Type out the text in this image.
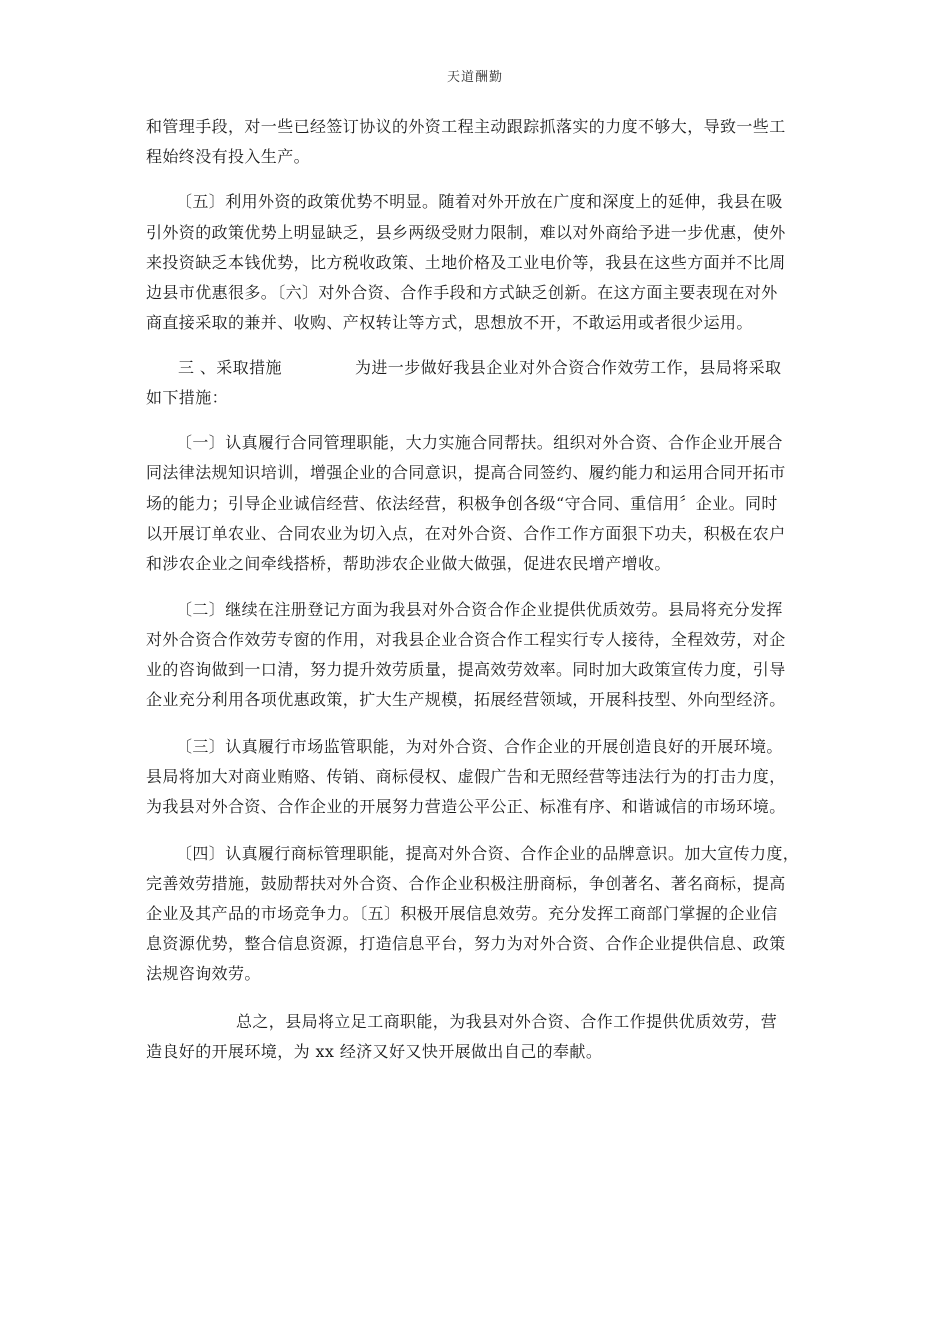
天道酬勤
和管理手段，对一些已经签订协议的外资工程主动跟踪抓落实的力度不够大，导致一些工
程始终没有投入生产。
〔五〕利用外资的政策优势不明显。随着对外开放在广度和深度上的延伸，我县在吸
引外资的政策优势上明显缺乏，县乡两级受财力限制，难以对外商给予进一步优惠，使外
来投资缺乏本钱优势，比方税收政策、土地价格及工业电价等，我县在这些方面并不比周
边县市优惠很多。〔六〕对外合资、合作手段和方式缺乏创新。在这方面主要表现在对外
商直接采取的兼并、收购、产权转让等方式，思想放不开，不敢运用或者很少运用。
三 、采取措施	为进一步做好我县企业对外合资合作效劳工作，县局将采取
如下措施：
〔一〕认真履行合同管理职能，大力实施合同帮扶。组织对外合资、合作企业开展合
同法律法规知识培训，增强企业的合同意识，提高合同签约、履约能力和运用合同开拓市
场的能力；引导企业诚信经营、依法经营，积极争创各级“守合同、重信用〞企业。同时
以开展订单农业、合同农业为切入点，在对外合资、合作工作方面狠下功夫，积极在农户
和涉农企业之间牵线搭桥，帮助涉农企业做大做强，促进农民增产增收。
〔二〕继续在注册登记方面为我县对外合资合作企业提供优质效劳。县局将充分发挥
对外合资合作效劳专窗的作用，对我县企业合资合作工程实行专人接待，全程效劳，对企
业的咨询做到一口清，努力提升效劳质量，提高效劳效率。同时加大政策宣传力度，引导
企业充分利用各项优惠政策，扩大生产规模，拓展经营领域，开展科技型、外向型经济。
〔三〕认真履行市场监管职能，为对外合资、合作企业的开展创造良好的开展环境。
县局将加大对商业贿赂、传销、商标侵权、虚假广告和无照经营等违法行为的打击力度，
为我县对外合资、合作企业的开展努力营造公平公正、标准有序、和谐诚信的市场环境。
〔四〕认真履行商标管理职能，提高对外合资、合作企业的品牌意识。加大宣传力度，
完善效劳措施，鼓励帮扶对外合资、合作企业积极注册商标，争创著名、著名商标，提高
企业及其产品的市场竞争力。〔五〕积极开展信息效劳。充分发挥工商部门掌握的企业信
息资源优势，整合信息资源，打造信息平台，努力为对外合资、合作企业提供信息、政策
法规咨询效劳。
总之，县局将立足工商职能，为我县对外合资、合作工作提供优质效劳，营
造良好的开展环境，为 xx 经济又好又快开展做出自己的奉献。
